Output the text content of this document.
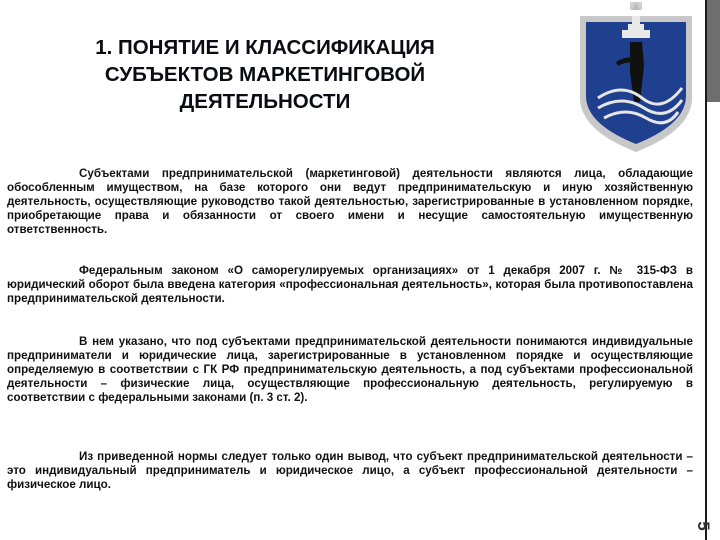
1. ПОНЯТИЕ И КЛАССИФИКАЦИЯ
СУБЪЕКТОВ МАРКЕТИНГОВОЙ
ДЕЯТЕЛЬНОСТИ

Субъектами предпринимательской (маркетинговой) деятельности являются лица, обладающие обособленным имуществом, на базе которого они ведут предпринимательскую и иную хозяйственную деятельность, осуществляющие руководство такой деятельностью, зарегистрированные в установленном порядке, приобретающие права и обязанности от своего имени и несущие самостоятельную имущественную ответственность.

Федеральным законом «О саморегулируемых организациях» от 1 декабря 2007 г. № 315-ФЗ в юридический оборот была введена категория «профессиональная деятельность», которая была противопоставлена предпринимательской деятельности.

В нем указано, что под субъектами предпринимательской деятельности понимаются индивидуальные предприниматели и юридические лица, зарегистрированные в установленном порядке и осуществляющие определяемую в соответствии с ГК РФ предпринимательскую деятельность, а под субъектами профессиональной деятельности – физические лица, осуществляющие профессиональную деятельность, регулируемую в соответствии с федеральными законами (п. 3 ст. 2).

Из приведенной нормы следует только один вывод, что субъект предпринимательской деятельности – это индивидуальный предприниматель и юридическое лицо, а субъект профессиональной деятельности – физическое лицо.

5
